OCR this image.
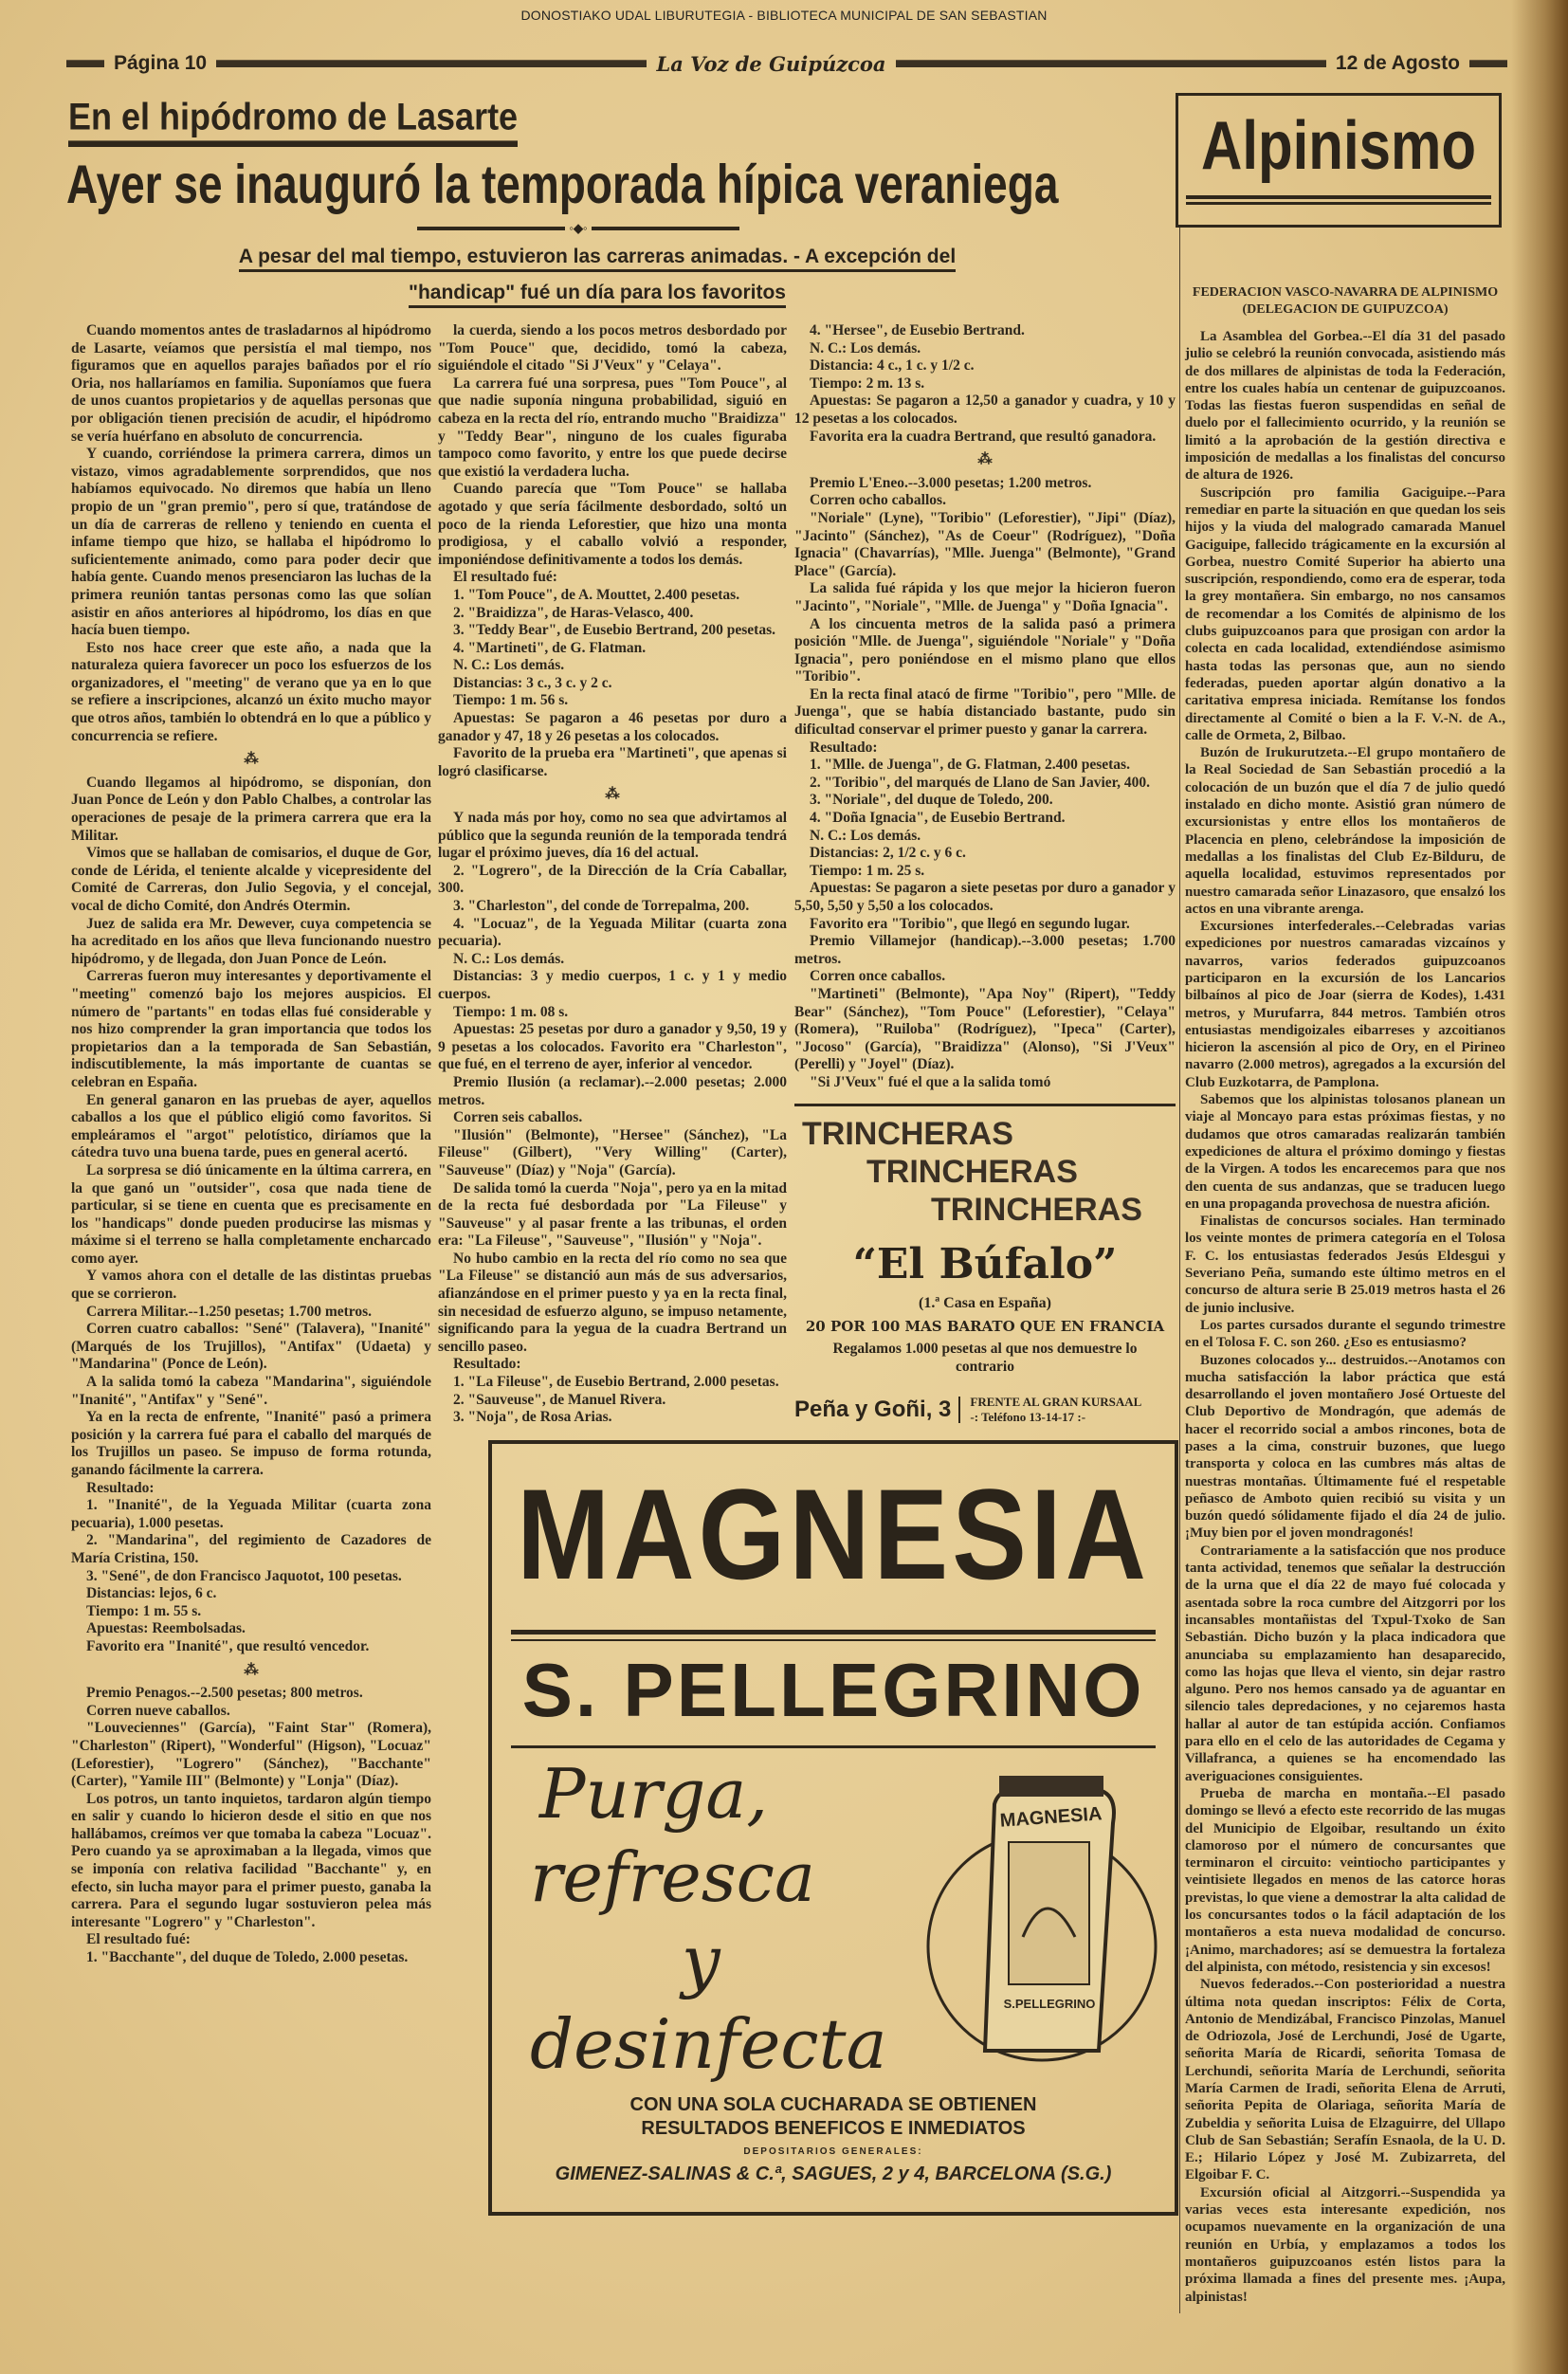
DONOSTIAKO UDAL LIBURUTEGIA - BIBLIOTECA MUNICIPAL DE SAN SEBASTIAN
Página 10	La Voz de Guipúzcoa	12 de Agosto
En el hipódromo de Lasarte
Ayer se inauguró la temporada hípica veraniega
◦◆◦
A pesar del mal tiempo, estuvieron las carreras animadas. - A excepción del
"handicap" fué un día para los favoritos
Alpinismo

Cuando momentos antes de trasladarnos al hipódromo de Lasarte, veíamos que persistía el mal tiempo, nos figuramos que en aquellos parajes bañados por el río Oria, nos hallaríamos en familia. Suponíamos que fuera de unos cuantos propietarios y de aquellas personas que por obligación tienen precisión de acudir, el hipódromo se vería huérfano en absoluto de concurrencia.

Y cuando, corriéndose la primera carrera, dimos un vistazo, vimos agradablemente sorprendidos, que nos habíamos equivocado. No diremos que había un lleno propio de un "gran premio", pero sí que, tratándose de un día de carreras de relleno y teniendo en cuenta el infame tiempo que hizo, se hallaba el hipódromo lo suficientemente animado, como para poder decir que había gente. Cuando menos presenciaron las luchas de la primera reunión tantas personas como las que solían asistir en años anteriores al hipódromo, los días en que hacía buen tiempo.

Esto nos hace creer que este año, a nada que la naturaleza quiera favorecer un poco los esfuerzos de los organizadores, el "meeting" de verano que ya en lo que se refiere a inscripciones, alcanzó un éxito mucho mayor que otros años, también lo obtendrá en lo que a público y concurrencia se refiere.

⁂

Cuando llegamos al hipódromo, se disponían, don Juan Ponce de León y don Pablo Chalbes, a controlar las operaciones de pesaje de la primera carrera que era la Militar.

Vimos que se hallaban de comisarios, el duque de Gor, conde de Lérida, el teniente alcalde y vicepresidente del Comité de Carreras, don Julio Segovia, y el concejal, vocal de dicho Comité, don Andrés Otermin.

Juez de salida era Mr. Dewever, cuya competencia se ha acreditado en los años que lleva funcionando nuestro hipódromo, y de llegada, don Juan Ponce de León.

Carreras fueron muy interesantes y deportivamente el "meeting" comenzó bajo los mejores auspicios. El número de "partants" en todas ellas fué considerable y nos hizo comprender la gran importancia que todos los propietarios dan a la temporada de San Sebastián, indiscutiblemente, la más importante de cuantas se celebran en España.

En general ganaron en las pruebas de ayer, aquellos caballos a los que el público eligió como favoritos. Si empleáramos el "argot" pelotístico, diríamos que la cátedra tuvo una buena tarde, pues en general acertó.

La sorpresa se dió únicamente en la última carrera, en la que ganó un "outsider", cosa que nada tiene de particular, si se tiene en cuenta que es precisamente en los "handicaps" donde pueden producirse las mismas y máxime si el terreno se halla completamente encharcado como ayer.

Y vamos ahora con el detalle de las distintas pruebas que se corrieron.

Carrera Militar.--1.250 pesetas; 1.700 metros.

Corren cuatro caballos: "Sené" (Talavera), "Inanité" (Marqués de los Trujillos), "Antifax" (Udaeta) y "Mandarina" (Ponce de León).

A la salida tomó la cabeza "Mandarina", siguiéndole "Inanité", "Antifax" y "Sené".

Ya en la recta de enfrente, "Inanité" pasó a primera posición y la carrera fué para el caballo del marqués de los Trujillos un paseo. Se impuso de forma rotunda, ganando fácilmente la carrera.

Resultado:

1. "Inanité", de la Yeguada Militar (cuarta zona pecuaria), 1.000 pesetas.

2. "Mandarina", del regimiento de Cazadores de María Cristina, 150.

3. "Sené", de don Francisco Jaquotot, 100 pesetas.

Distancias: lejos, 6 c.

Tiempo: 1 m. 55 s.

Apuestas: Reembolsadas.

Favorito era "Inanité", que resultó vencedor.

⁂

Premio Penagos.--2.500 pesetas; 800 metros.

Corren nueve caballos.

"Louveciennes" (García), "Faint Star" (Romera), "Charleston" (Ripert), "Wonderful" (Higson), "Locuaz" (Leforestier), "Logrero" (Sánchez), "Bacchante" (Carter), "Yamile III" (Belmonte) y "Lonja" (Díaz).

Los potros, un tanto inquietos, tardaron algún tiempo en salir y cuando lo hicieron desde el sitio en que nos hallábamos, creímos ver que tomaba la cabeza "Locuaz". Pero cuando ya se aproximaban a la llegada, vimos que se imponía con relativa facilidad "Bacchante" y, en efecto, sin lucha mayor para el primer puesto, ganaba la carrera. Para el segundo lugar sostuvieron pelea más interesante "Logrero" y "Charleston".

El resultado fué:

1. "Bacchante", del duque de Toledo, 2.000 pesetas.

la cuerda, siendo a los pocos metros desbordado por "Tom Pouce" que, decidido, tomó la cabeza, siguiéndole el citado "Si J'Veux" y "Celaya".

La carrera fué una sorpresa, pues "Tom Pouce", al que nadie suponía ninguna probabilidad, siguió en cabeza en la recta del río, entrando mucho "Braidizza" y "Teddy Bear", ninguno de los cuales figuraba tampoco como favorito, y entre los que puede decirse que existió la verdadera lucha.

Cuando parecía que "Tom Pouce" se hallaba agotado y que sería fácilmente desbordado, soltó un poco de la rienda Leforestier, que hizo una monta prodigiosa, y el caballo volvió a responder, imponiéndose definitivamente a todos los demás.

El resultado fué:

1. "Tom Pouce", de A. Mouttet, 2.400 pesetas.

2. "Braidizza", de Haras-Velasco, 400.

3. "Teddy Bear", de Eusebio Bertrand, 200 pesetas.

4. "Martineti", de G. Flatman.

N. C.: Los demás.

Distancias: 3 c., 3 c. y 2 c.

Tiempo: 1 m. 56 s.

Apuestas: Se pagaron a 46 pesetas por duro a ganador y 47, 18 y 26 pesetas a los colocados.

Favorito de la prueba era "Martineti", que apenas si logró clasificarse.

⁂

Y nada más por hoy, como no sea que advirtamos al público que la segunda reunión de la temporada tendrá lugar el próximo jueves, día 16 del actual.

2. "Logrero", de la Dirección de la Cría Caballar, 300.

3. "Charleston", del conde de Torrepalma, 200.

4. "Locuaz", de la Yeguada Militar (cuarta zona pecuaria).

N. C.: Los demás.

Distancias: 3 y medio cuerpos, 1 c. y 1 y medio cuerpos.

Tiempo: 1 m. 08 s.

Apuestas: 25 pesetas por duro a ganador y 9,50, 19 y 9 pesetas a los colocados. Favorito era "Charleston", que fué, en el terreno de ayer, inferior al vencedor.

Premio Ilusión (a reclamar).--2.000 pesetas; 2.000 metros.

Corren seis caballos.

"Ilusión" (Belmonte), "Hersee" (Sánchez), "La Fileuse" (Gilbert), "Very Willing" (Carter), "Sauveuse" (Díaz) y "Noja" (García).

De salida tomó la cuerda "Noja", pero ya en la mitad de la recta fué desbordada por "La Fileuse" y "Sauveuse" y al pasar frente a las tribunas, el orden era: "La Fileuse", "Sauveuse", "Ilusión" y "Noja".

No hubo cambio en la recta del río como no sea que "La Fileuse" se distanció aun más de sus adversarios, afianzándose en el primer puesto y ya en la recta final, sin necesidad de esfuerzo alguno, se impuso netamente, significando para la yegua de la cuadra Bertrand un sencillo paseo.

Resultado:

1. "La Fileuse", de Eusebio Bertrand, 2.000 pesetas.

2. "Sauveuse", de Manuel Rivera.

3. "Noja", de Rosa Arias.

4. "Hersee", de Eusebio Bertrand.

N. C.: Los demás.

Distancia: 4 c., 1 c. y 1/2 c.

Tiempo: 2 m. 13 s.

Apuestas: Se pagaron a 12,50 a ganador y cuadra, y 10 y 12 pesetas a los colocados.

Favorita era la cuadra Bertrand, que resultó ganadora.

⁂

Premio L'Eneo.--3.000 pesetas; 1.200 metros.

Corren ocho caballos.

"Noriale" (Lyne), "Toribio" (Leforestier), "Jipi" (Díaz), "Jacinto" (Sánchez), "As de Coeur" (Rodríguez), "Doña Ignacia" (Chavarrías), "Mlle. Juenga" (Belmonte), "Grand Place" (García).

La salida fué rápida y los que mejor la hicieron fueron "Jacinto", "Noriale", "Mlle. de Juenga" y "Doña Ignacia".

A los cincuenta metros de la salida pasó a primera posición "Mlle. de Juenga", siguiéndole "Noriale" y "Doña Ignacia", pero poniéndose en el mismo plano que ellos "Toribio".

En la recta final atacó de firme "Toribio", pero "Mlle. de Juenga", que se había distanciado bastante, pudo sin dificultad conservar el primer puesto y ganar la carrera.

Resultado:

1. "Mlle. de Juenga", de G. Flatman, 2.400 pesetas.

2. "Toribio", del marqués de Llano de San Javier, 400.

3. "Noriale", del duque de Toledo, 200.

4. "Doña Ignacia", de Eusebio Bertrand.

N. C.: Los demás.

Distancias: 2, 1/2 c. y 6 c.

Tiempo: 1 m. 25 s.

Apuestas: Se pagaron a siete pesetas por duro a ganador y 5,50, 5,50 y 5,50 a los colocados.

Favorito era "Toribio", que llegó en segundo lugar.

Premio Villamejor (handicap).--3.000 pesetas; 1.700 metros.

Corren once caballos.

"Martineti" (Belmonte), "Apa Noy" (Ripert), "Teddy Bear" (Sánchez), "Tom Pouce" (Leforestier), "Celaya" (Romera), "Ruiloba" (Rodríguez), "Ipeca" (Carter), "Jocoso" (García), "Braidizza" (Alonso), "Si J'Veux" (Perelli) y "Joyel" (Díaz).

"Si J'Veux" fué el que a la salida tomó

TRINCHERAS
TRINCHERAS
TRINCHERAS
“El Búfalo”
(1.ª Casa en España)
20 POR 100 MAS BARATO QUE EN FRANCIA
Regalamos 1.000 pesetas al que nos demuestre lo contrario
Peña y Goñi, 3	FRENTE AL GRAN KURSAAL
-: Teléfono 13-14-17 :-
MAGNESIA
S. PELLEGRINO
Purga,
refresca
y
desinfecta
MAGNESIA
S.PELLEGRINO
CON UNA SOLA CUCHARADA SE OBTIENEN
RESULTADOS BENEFICOS E INMEDIATOS
DEPOSITARIOS GENERALES:
GIMENEZ-SALINAS & C.ª, SAGUES, 2 y 4, BARCELONA (S.G.)
FEDERACION VASCO-NAVARRA DE ALPINISMO
(DELEGACION DE GUIPUZCOA)

La Asamblea del Gorbea.--El día 31 del pasado julio se celebró la reunión convocada, asistiendo más de dos millares de alpinistas de toda la Federación, entre los cuales había un centenar de guipuzcoanos. Todas las fiestas fueron suspendidas en señal de duelo por el fallecimiento ocurrido, y la reunión se limitó a la aprobación de la gestión directiva e imposición de medallas a los finalistas del concurso de altura de 1926.

Suscripción pro familia Gaciguipe.--Para remediar en parte la situación en que quedan los seis hijos y la viuda del malogrado camarada Manuel Gaciguipe, fallecido trágicamente en la excursión al Gorbea, nuestro Comité Superior ha abierto una suscripción, respondiendo, como era de esperar, toda la grey montañera. Sin embargo, no nos cansamos de recomendar a los Comités de alpinismo de los clubs guipuzcoanos para que prosigan con ardor la colecta en cada localidad, extendiéndose asimismo hasta todas las personas que, aun no siendo federadas, pueden aportar algún donativo a la caritativa empresa iniciada. Remítanse los fondos directamente al Comité o bien a la F. V.-N. de A., calle de Ormeta, 2, Bilbao.

Buzón de Irukurutzeta.--El grupo montañero de la Real Sociedad de San Sebastián procedió a la colocación de un buzón que el día 7 de julio quedó instalado en dicho monte. Asistió gran número de excursionistas y entre ellos los montañeros de Placencia en pleno, celebrándose la imposición de medallas a los finalistas del Club Ez-Bilduru, de aquella localidad, estuvimos representados por nuestro camarada señor Linazasoro, que ensalzó los actos en una vibrante arenga.

Excursiones interfederales.--Celebradas varias expediciones por nuestros camaradas vizcaínos y navarros, varios federados guipuzcoanos participaron en la excursión de los Lancarios bilbaínos al pico de Joar (sierra de Kodes), 1.431 metros, y Murufarra, 844 metros. También otros entusiastas mendigoizales eibarreses y azcoitianos hicieron la ascensión al pico de Ory, en el Pirineo navarro (2.000 metros), agregados a la excursión del Club Euzkotarra, de Pamplona.

Sabemos que los alpinistas tolosanos planean un viaje al Moncayo para estas próximas fiestas, y no dudamos que otros camaradas realizarán también expediciones de altura el próximo domingo y fiestas de la Virgen. A todos les encarecemos para que nos den cuenta de sus andanzas, que se traducen luego en una propaganda provechosa de nuestra afición.

Finalistas de concursos sociales. Han terminado los veinte montes de primera categoría en el Tolosa F. C. los entusiastas federados Jesús Eldesgui y Severiano Peña, sumando este último metros en el concurso de altura serie B 25.019 metros hasta el 26 de junio inclusive.

Los partes cursados durante el segundo trimestre en el Tolosa F. C. son 260. ¿Eso es entusiasmo?

Buzones colocados y... destruidos.--Anotamos con mucha satisfacción la labor práctica que está desarrollando el joven montañero José Ortueste del Club Deportivo de Mondragón, que además de hacer el recorrido social a ambos rincones, bota de pases a la cima, construir buzones, que luego transporta y coloca en las cumbres más altas de nuestras montañas. Últimamente fué el respetable peñasco de Amboto quien recibió su visita y un buzón quedó sólidamente fijado el día 24 de julio. ¡Muy bien por el joven mondragonés!

Contrariamente a la satisfacción que nos produce tanta actividad, tenemos que señalar la destrucción de la urna que el día 22 de mayo fué colocada y asentada sobre la roca cumbre del Aitzgorri por los incansables montañistas del Txpul-Txoko de San Sebastián. Dicho buzón y la placa indicadora que anunciaba su emplazamiento han desaparecido, como las hojas que lleva el viento, sin dejar rastro alguno. Pero nos hemos cansado ya de aguantar en silencio tales depredaciones, y no cejaremos hasta hallar al autor de tan estúpida acción. Confiamos para ello en el celo de las autoridades de Cegama y Villafranca, a quienes se ha encomendado las averiguaciones consiguientes.

Prueba de marcha en montaña.--El pasado domingo se llevó a efecto este recorrido de las mugas del Municipio de Elgoibar, resultando un éxito clamoroso por el número de concursantes que terminaron el circuito: veintiocho participantes y veintisiete llegados en menos de las catorce horas previstas, lo que viene a demostrar la alta calidad de los concursantes todos o la fácil adaptación de los montañeros a esta nueva modalidad de concurso. ¡Animo, marchadores; así se demuestra la fortaleza del alpinista, con método, resistencia y sin excesos!

Nuevos federados.--Con posterioridad a nuestra última nota quedan inscriptos: Félix de Corta, Antonio de Mendizábal, Francisco Pinzolas, Manuel de Odriozola, José de Lerchundi, José de Ugarte, señorita María de Ricardi, señorita Tomasa de Lerchundi, señorita María de Lerchundi, señorita María Carmen de Iradi, señorita Elena de Arruti, señorita Pepita de Olariaga, señorita María de Zubeldia y señorita Luisa de Elzaguirre, del Ullapo Club de San Sebastián; Serafín Esnaola, de la U. D. E.; Hilario López y José M. Zubizarreta, del Elgoibar F. C.

Excursión oficial al Aitzgorri.--Suspendida ya varias veces esta interesante expedición, nos ocupamos nuevamente en la organización de una reunión en Urbía, y emplazamos a todos los montañeros guipuzcoanos estén listos para la próxima llamada a fines del presente mes. ¡Aupa, alpinistas!
